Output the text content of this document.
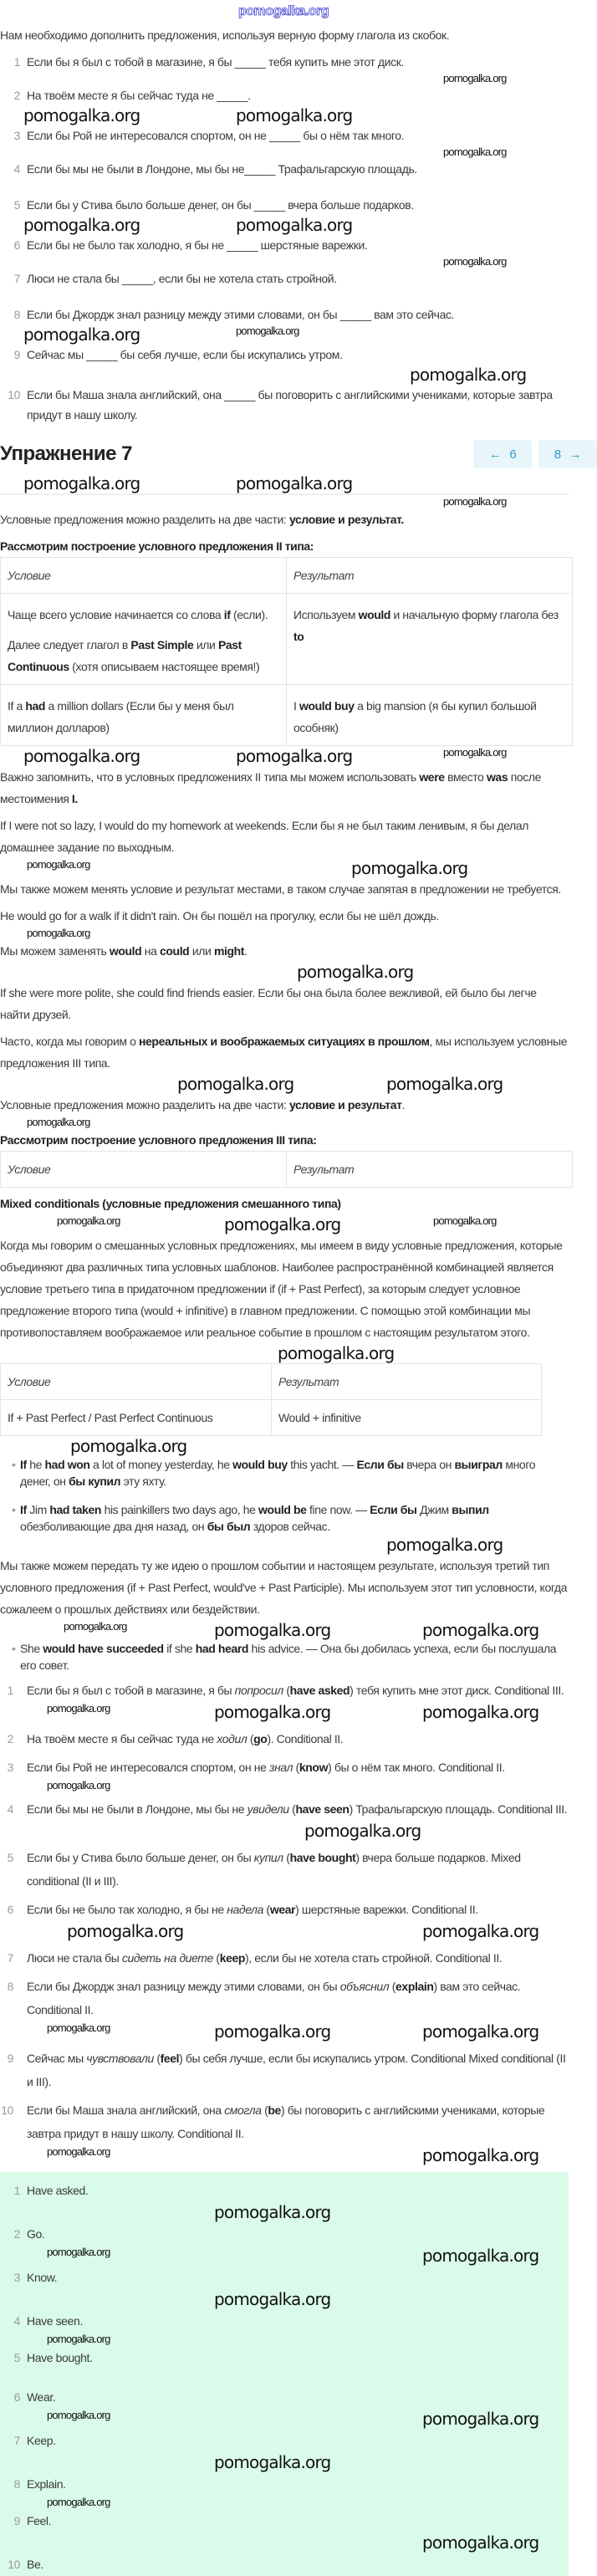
pomogalka.org
Нам необходимо дополнить предложения, используя верную форму глагола из скобок.
1 Если бы я был с тобой в магазине, я бы _____ тебя купить мне этот диск.
pomogalka.org
2 На твоём месте я бы сейчас туда не _____.
pomogalka.org	pomogalka.org
3 Если бы Рой не интересовался спортом, он не _____ бы о нём так много.
pomogalka.org
4 Если бы мы не были в Лондоне, мы бы не_____ Трафальгарскую площадь.
5 Если бы у Стива было больше денег, он бы _____ вчера больше подарков.
pomogalka.org	pomogalka.org
6 Если бы не было так холодно, я бы не _____ шерстяные варежки.
pomogalka.org
7 Люси не стала бы _____, если бы не хотела стать стройной.
8 Если бы Джордж знал разницу между этими словами, он бы _____ вам это сейчас.
pomogalka.org	pomogalka.org
9 Сейчас мы _____ бы себя лучше, если бы искупались утром.
pomogalka.org
10 Если бы Маша знала английский, она _____ бы поговорить с английскими учениками, которые завтра придут в нашу школу.
Упражнение 7	← 6	8 →
pomogalka.org	pomogalka.org
pomogalka.org
Условные предложения можно разделить на две части: условие и результат.
Рассмотрим построение условного предложения II типа:
Условие	Результат

Чаще всего условие начинается со слова if (если).
Далее следует глагол в Past Simple или Past Continuous (хотя описываем настоящее время!)	Используем would и начальную форму глагола без to

If a had a million dollars (Если бы у меня был миллион долларов)	I would buy a big mansion (я бы купил большой особняк)
pomogalka.org	pomogalka.org	pomogalka.org
Важно запомнить, что в условных предложениях II типа мы можем использовать were вместо was после местоимения I.
If I were not so lazy, I would do my homework at weekends. Если бы я не был таким ленивым, я бы делал домашнее задание по выходным.
pomogalka.org	pomogalka.org
Мы также можем менять условие и результат местами, в таком случае запятая в предложении не требуется.
He would go for a walk if it didn't rain. Он бы пошёл на прогулку, если бы не шёл дождь.
pomogalka.org
Мы можем заменять would на could или might.
pomogalka.org
If she were more polite, she could find friends easier. Если бы она была более вежливой, ей было бы легче найти друзей.
Часто, когда мы говорим о нереальных и воображаемых ситуациях в прошлом, мы используем условные предложения III типа.
pomogalka.org	pomogalka.org
Условные предложения можно разделить на две части: условие и результат.
pomogalka.org
Рассмотрим построение условного предложения III типа:
Условие	Результат
Mixed conditionals (условные предложения смешанного типа)
pomogalka.org	pomogalka.org	pomogalka.org
Когда мы говорим о смешанных условных предложениях, мы имеем в виду условные предложения, которые объединяют два различных типа условных шаблонов. Наиболее распространённой комбинацией является условие третьего типа в придаточном предложении if (if + Past Perfect), за которым следует условное предложение второго типа (would + infinitive) в главном предложении. С помощью этой комбинации мы противопоставляем воображаемое или реальное событие в прошлом с настоящим результатом этого.
pomogalka.org
Условие	Результат
If + Past Perfect / Past Perfect Continuous	Would + infinitive
pomogalka.org
• If he had won a lot of money yesterday, he would buy this yacht. — Если бы вчера он выиграл много денег, он бы купил эту яхту.
• If Jim had taken his painkillers two days ago, he would be fine now. — Если бы Джим выпил обезболивающие два дня назад, он бы был здоров сейчас.
pomogalka.org
Мы также можем передать ту же идею о прошлом событии и настоящем результате, используя третий тип условного предложения (if + Past Perfect, would've + Past Participle). Мы используем этот тип условности, когда сожалеем о прошлых действиях или бездействии.
pomogalka.org	pomogalka.org	pomogalka.org
• She would have succeeded if she had heard his advice. — Она бы добилась успеха, если бы послушала его совет.
1 Если бы я был с тобой в магазине, я бы попросил (have asked) тебя купить мне этот диск. Conditional III.
pomogalka.org	pomogalka.org	pomogalka.org
2 На твоём месте я бы сейчас туда не ходил (go). Conditional II.
3 Если бы Рой не интересовался спортом, он не знал (know) бы о нём так много. Conditional II.
pomogalka.org
4 Если бы мы не были в Лондоне, мы бы не увидели (have seen) Трафальгарскую площадь. Conditional III.
pomogalka.org
5 Если бы у Стива было больше денег, он бы купил (have bought) вчера больше подарков. Mixed conditional (II и III).
6 Если бы не было так холодно, я бы не надела (wear) шерстяные варежки. Conditional II.
pomogalka.org	pomogalka.org
7 Люси не стала бы сидеть на диете (keep), если бы не хотела стать стройной. Conditional II.
8 Если бы Джордж знал разницу между этими словами, он бы объяснил (explain) вам это сейчас. Conditional II.
pomogalka.org	pomogalka.org	pomogalka.org
9 Сейчас мы чувствовали (feel) бы себя лучше, если бы искупались утром. Conditional Mixed conditional (II и III).
10 Если бы Маша знала английский, она смогла (be) бы поговорить с английскими учениками, которые завтра придут в нашу школу. Conditional II.
pomogalka.org	pomogalka.org
1 Have asked.
pomogalka.org
2 Go.
pomogalka.org	pomogalka.org
3 Know.
pomogalka.org
4 Have seen.
pomogalka.org
5 Have bought.
6 Wear.
pomogalka.org	pomogalka.org
7 Keep.
pomogalka.org
8 Explain.
pomogalka.org
9 Feel.
pomogalka.org
10 Be.
